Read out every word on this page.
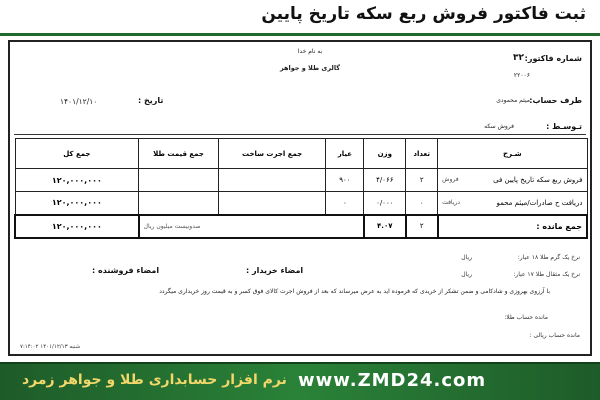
ثبت فاکتور فروش ربع سکه تاریخ پایین
به نام خدا
گالری طلا و جواهر
شماره فاکتور:
۳۲
۲۲۰۰۶
طرف حساب:
میثم محمودی
تاریخ :
۱۴۰۱/۱۲/۱۰
تـوسـط :
فروش سکه
شـرح	تعداد	وزن	عیار	جمع اجرت ساخت	جمع قیمت طلا	جمع کل
فروش ربع سکه تاریخ پایین فی
فروش	۲	۴/۰۶۶	۹۰۰			۱۲۰,۰۰۰,۰۰۰
دریافت ح صادرات/میثم محمو
دریافت	۰	۰/۰۰۰	۰			۱۲۰,۰۰۰,۰۰۰
جمع مانده :	۲	۴.۰۷	صدوبیست میلیون ریال			۱۲۰,۰۰۰,۰۰۰
نرخ یک گرم طلا ۱۸ عیار:
ریال
نرخ یک مثقال طلا ۱۷ عیار:
ریال
امضاء خریدار :
امضاء فروشنده :
با آرزوی بهروزی و شادکامی و ضمن تشکر از خریدی که فرموده اید به عرض میرساند که بعد از فروش اجرت کالای فوق کسر و به قیمت روز خریداری میگردد
مانده حساب طلا:
مانده حساب ریالی :
شنبه ۱۴۰۱/۱۲/۱۳ ۷:۱۴:۰۲
www.ZMD24.com
نرم افزار حسابداری طلا و جواهر زمرد
